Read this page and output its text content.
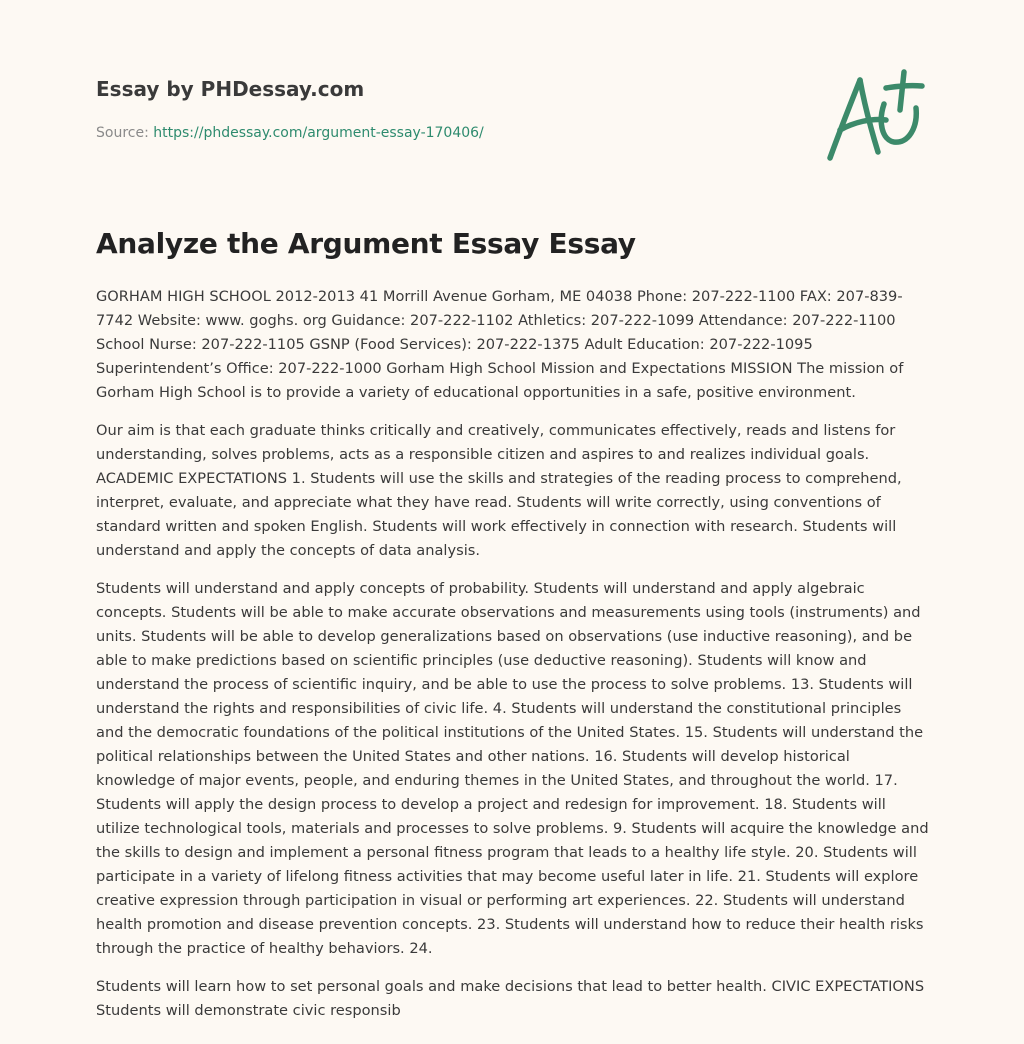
Essay by PHDessay.com
Source: https://phdessay.com/argument-essay-170406/
Analyze the Argument Essay Essay

GORHAM HIGH SCHOOL 2012-2013 41 Morrill Avenue Gorham, ME 04038 Phone: 207-222-1100 FAX: 207-839-7742 Website: www. goghs. org Guidance: 207-222-1102 Athletics: 207-222-1099 Attendance: 207-222-1100 School Nurse: 207-222-1105 GSNP (Food Services): 207-222-1375 Adult Education: 207-222-1095 Superintendent’s Office: 207-222-1000 Gorham High School Mission and Expectations MISSION The mission of Gorham High School is to provide a variety of educational opportunities in a safe, positive environment.

Our aim is that each graduate thinks critically and creatively, communicates effectively, reads and listens for understanding, solves problems, acts as a responsible citizen and aspires to and realizes individual goals. ACADEMIC EXPECTATIONS 1. Students will use the skills and strategies of the reading process to comprehend, interpret, evaluate, and appreciate what they have read. Students will write correctly, using conventions of standard written and spoken English. Students will work effectively in connection with research. Students will understand and apply the concepts of data analysis.

Students will understand and apply concepts of probability. Students will understand and apply algebraic concepts. Students will be able to make accurate observations and measurements using tools (instruments) and units. Students will be able to develop generalizations based on observations (use inductive reasoning), and be able to make predictions based on scientific principles (use deductive reasoning). Students will know and understand the process of scientific inquiry, and be able to use the process to solve problems. 13. Students will understand the rights and responsibilities of civic life. 4. Students will understand the constitutional principles and the democratic foundations of the political institutions of the United States. 15. Students will understand the political relationships between the United States and other nations. 16. Students will develop historical knowledge of major events, people, and enduring themes in the United States, and throughout the world. 17. Students will apply the design process to develop a project and redesign for improvement. 18. Students will utilize technological tools, materials and processes to solve problems. 9. Students will acquire the knowledge and the skills to design and implement a personal fitness program that leads to a healthy life style. 20. Students will participate in a variety of lifelong fitness activities that may become useful later in life. 21. Students will explore creative expression through participation in visual or performing art experiences. 22. Students will understand health promotion and disease prevention concepts. 23. Students will understand how to reduce their health risks through the practice of healthy behaviors. 24.

Students will learn how to set personal goals and make decisions that lead to better health. CIVIC EXPECTATIONS Students will demonstrate civic responsib
